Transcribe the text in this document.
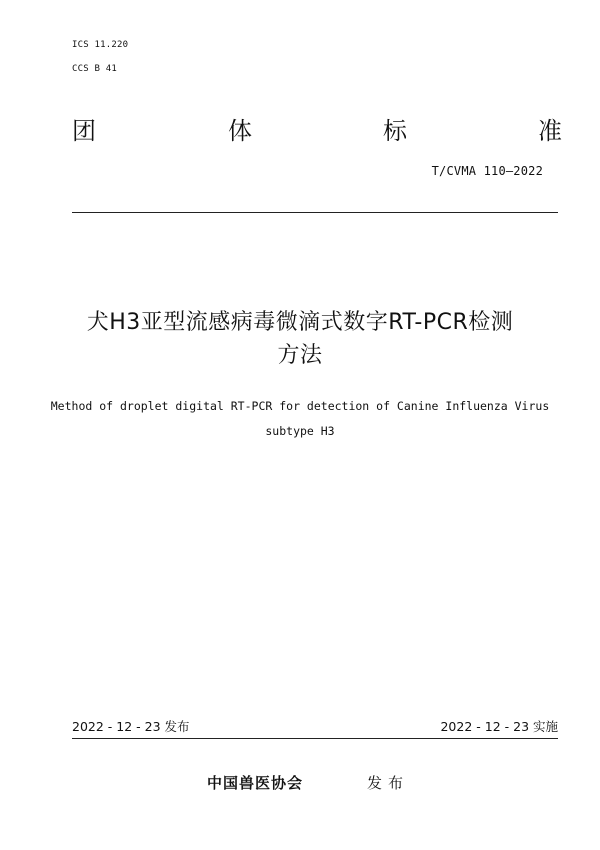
ICS 11.220
CCS B 41
团	体	标	准
T/CVMA 110—2022
犬H3亚型流感病毒微滴式数字RT-PCR检测
方法
Method of droplet digital RT-PCR for detection of Canine Influenza Virus
subtype H3
2022 - 12 - 23 发布	2022 - 12 - 23 实施
中国兽医协会	发布
